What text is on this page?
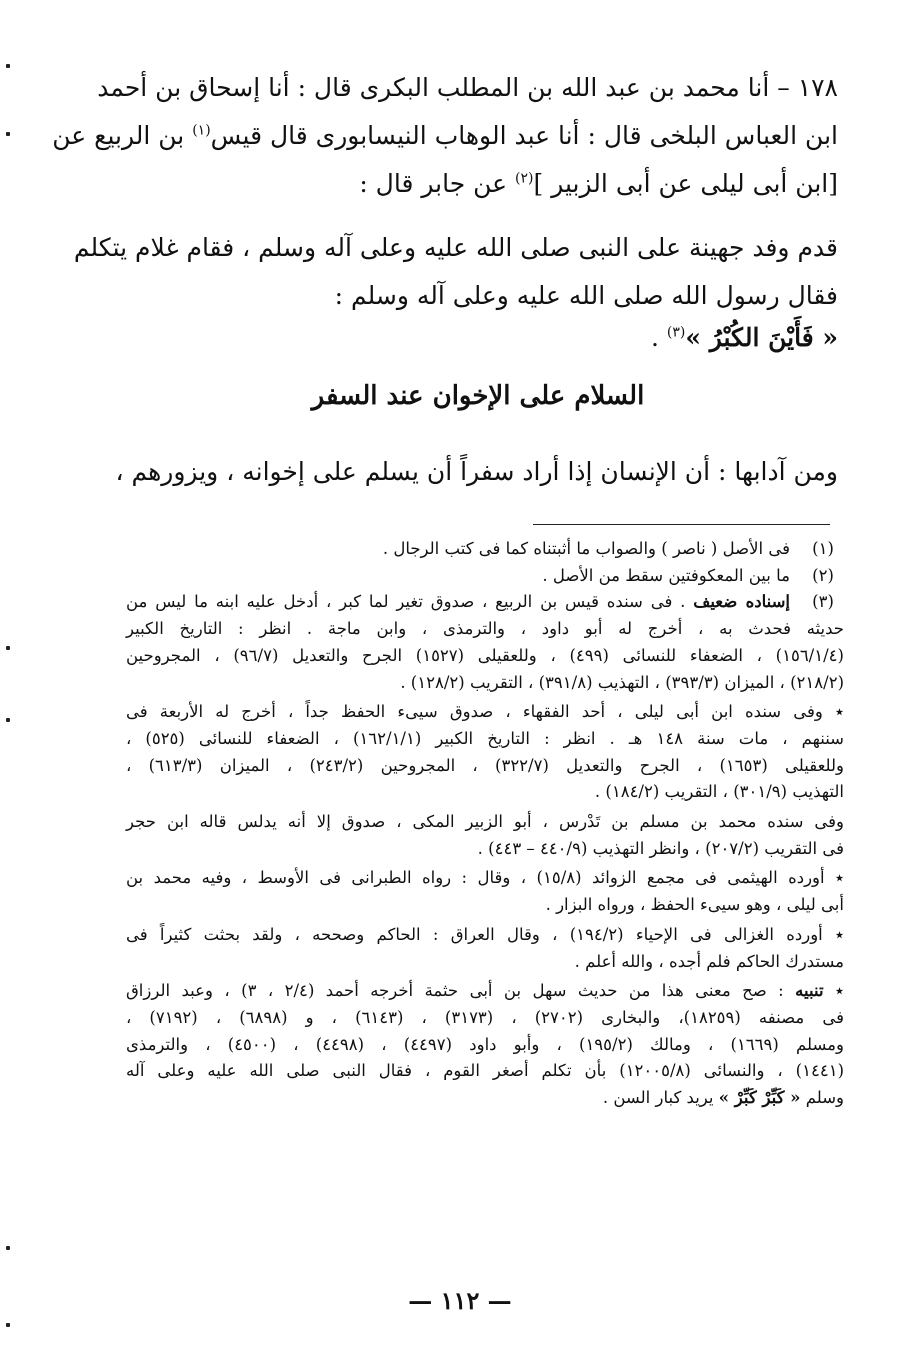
١٧٨ – أنا محمد بن عبد الله بن المطلب البكرى قال : أنا إسحاق بن أحمد
ابن العباس البلخى قال : أنا عبد الوهاب النيسابورى قال قيس$^{(١)}$ بن الربيع عن
[ابن أبى ليلى عن أبى الزبير ]$^{(٢)}$ عن جابر قال :
قدم وفد جهينة على النبى صلى الله عليه وعلى آله وسلم ، فقام غلام يتكلم
فقال رسول الله صلى الله عليه وعلى آله وسلم :
« فَأَيْنَ الكُبْرُ »$^{(٣)}$ .
السلام على الإخوان عند السفر
ومن آدابها : أن الإنسان إذا أراد سفراً أن يسلم على إخوانه ، ويزورهم ،
(١)
فى الأصل ( ناصر ) والصواب ما أثبتناه كما فى كتب الرجال .
(٢)
ما بين المعكوفتين سقط من الأصل .
(٣)
إسناده ضعيف . فى سنده قيس بن الربيع ، صدوق تغير لما كبر ، أدخل عليه ابنه ما ليس من
حديثه فحدث به ، أخرج له أبو داود ، والترمذى ، وابن ماجة . انظر : التاريخ الكبير
(١٥٦/١/٤) ، الضعفاء للنسائى (٤٩٩) ، وللعقيلى (١٥٢٧) الجرح والتعديل (٩٦/٧) ، المجروحين
(٢١٨/٢) ، الميزان (٣٩٣/٣) ، التهذيب (٣٩١/٨) ، التقريب (١٢٨/٢) .
٭ وفى سنده ابن أبى ليلى ، أحد الفقهاء ، صدوق سيىء الحفظ جداً ، أخرج له الأربعة فى
سننهم ، مات سنة ١٤٨ هـ . انظر : التاريخ الكبير (١٦٢/١/١) ، الضعفاء للنسائى (٥٢٥) ،
وللعقيلى (١٦٥٣) ، الجرح والتعديل (٣٢٢/٧) ، المجروحين (٢٤٣/٢) ، الميزان (٦١٣/٣) ،
التهذيب (٣٠١/٩) ، التقريب (١٨٤/٢) .
وفى سنده محمد بن مسلم بن تَدْرس ، أبو الزبير المكى ، صدوق إلا أنه يدلس قاله ابن حجر
فى التقريب (٢٠٧/٢) ، وانظر التهذيب (٤٤٠/٩ – ٤٤٣) .
٭ أورده الهيثمى فى مجمع الزوائد (١٥/٨) ، وقال : رواه الطبرانى فى الأوسط ، وفيه محمد بن
أبى ليلى ، وهو سيىء الحفظ ، ورواه البزار .
٭ أورده الغزالى فى الإحياء (١٩٤/٢) ، وقال العراق : الحاكم وصححه ، ولقد بحثت كثيراً فى
مستدرك الحاكم فلم أجده ، والله أعلم .
٭ تنبيه : صح معنى هذا من حديث سهل بن أبى حثمة أخرجه أحمد (٢/٤ ، ٣) ، وعبد الرزاق
فى مصنفه (١٨٢٥٩)، والبخارى (٢٧٠٢) ، (٣١٧٣) ، (٦١٤٣) ، و (٦٨٩٨) ، (٧١٩٢) ،
ومسلم (١٦٦٩) ، ومالك (١٩٥/٢) ، وأبو داود (٤٤٩٧) ، (٤٤٩٨) ، (٤٥٠٠) ، والترمذى
(١٤٤١) ، والنسائى (١٢٠٠٥/٨) بأن تكلم أصغر القوم ، فقال النبى صلى الله عليه وعلى آله
وسلم « كَبِّرْ كَبِّرْ » يريد كبار السن .
— ١١٢ —
